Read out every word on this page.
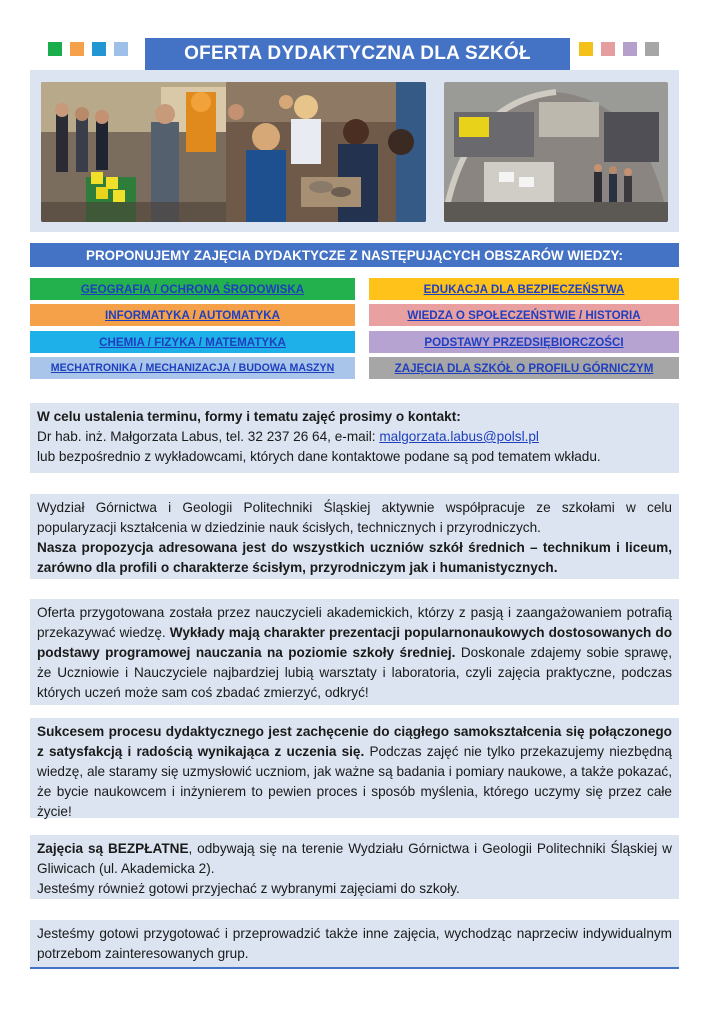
OFERTA DYDAKTYCZNA DLA SZKÓŁ
PROPONUJEMY ZAJĘCIA DYDAKTYCZE Z NASTĘPUJĄCYCH OBSZARÓW WIEDZY:
GEOGRAFIA / OCHRONA ŚRODOWISKA
INFORMATYKA / AUTOMATYKA
CHEMIA / FIZYKA / MATEMATYKA
MECHATRONIKA / MECHANIZACJA / BUDOWA MASZYN
EDUKACJA DLA BEZPIECZEŃSTWA
WIEDZA O SPOŁECZEŃSTWIE / HISTORIA
PODSTAWY PRZEDSIĘBIORCZOŚCI
ZAJĘCIA DLA SZKÓŁ O PROFILU GÓRNICZYM

W celu ustalenia terminu, formy i tematu zajęć prosimy o kontakt:

Dr hab. inż. Małgorzata Labus, tel. 32 237 26 64, e-mail: malgorzata.labus@polsl.pl

lub bezpośrednio z wykładowcami, których dane kontaktowe podane są pod tematem wkładu.

Wydział Górnictwa i Geologii Politechniki Śląskiej aktywnie współpracuje ze szkołami w celu popularyzacji kształcenia w dziedzinie nauk ścisłych, technicznych i przyrodniczych.

Nasza propozycja adresowana jest do wszystkich uczniów szkół średnich – technikum i liceum, zarówno dla profili o charakterze ścisłym, przyrodniczym jak i humanistycznych.

Oferta przygotowana została przez nauczycieli akademickich, którzy z pasją i zaangażowaniem potrafią przekazywać wiedzę. Wykłady mają charakter prezentacji popularnonaukowych dostosowanych do podstawy programowej nauczania na poziomie szkoły średniej. Doskonale zdajemy sobie sprawę, że Uczniowie i Nauczyciele najbardziej lubią warsztaty i laboratoria, czyli zajęcia praktyczne, podczas których uczeń może sam coś zbadać zmierzyć, odkryć!

Sukcesem procesu dydaktycznego jest zachęcenie do ciągłego samokształcenia się połączonego z satysfakcją i radością wynikająca z uczenia się. Podczas zajęć nie tylko przekazujemy niezbędną wiedzę, ale staramy się uzmysłowić uczniom, jak ważne są badania i pomiary naukowe, a także pokazać, że bycie naukowcem i inżynierem to pewien proces i sposób myślenia, którego uczymy się przez całe życie!

Zajęcia są BEZPŁATNE, odbywają się na terenie Wydziału Górnictwa i Geologii Politechniki Śląskiej w Gliwicach (ul. Akademicka 2).

Jesteśmy również gotowi przyjechać z wybranymi zajęciami do szkoły.

Jesteśmy gotowi przygotować i przeprowadzić także inne zajęcia, wychodząc naprzeciw indywidualnym potrzebom zainteresowanych grup.
